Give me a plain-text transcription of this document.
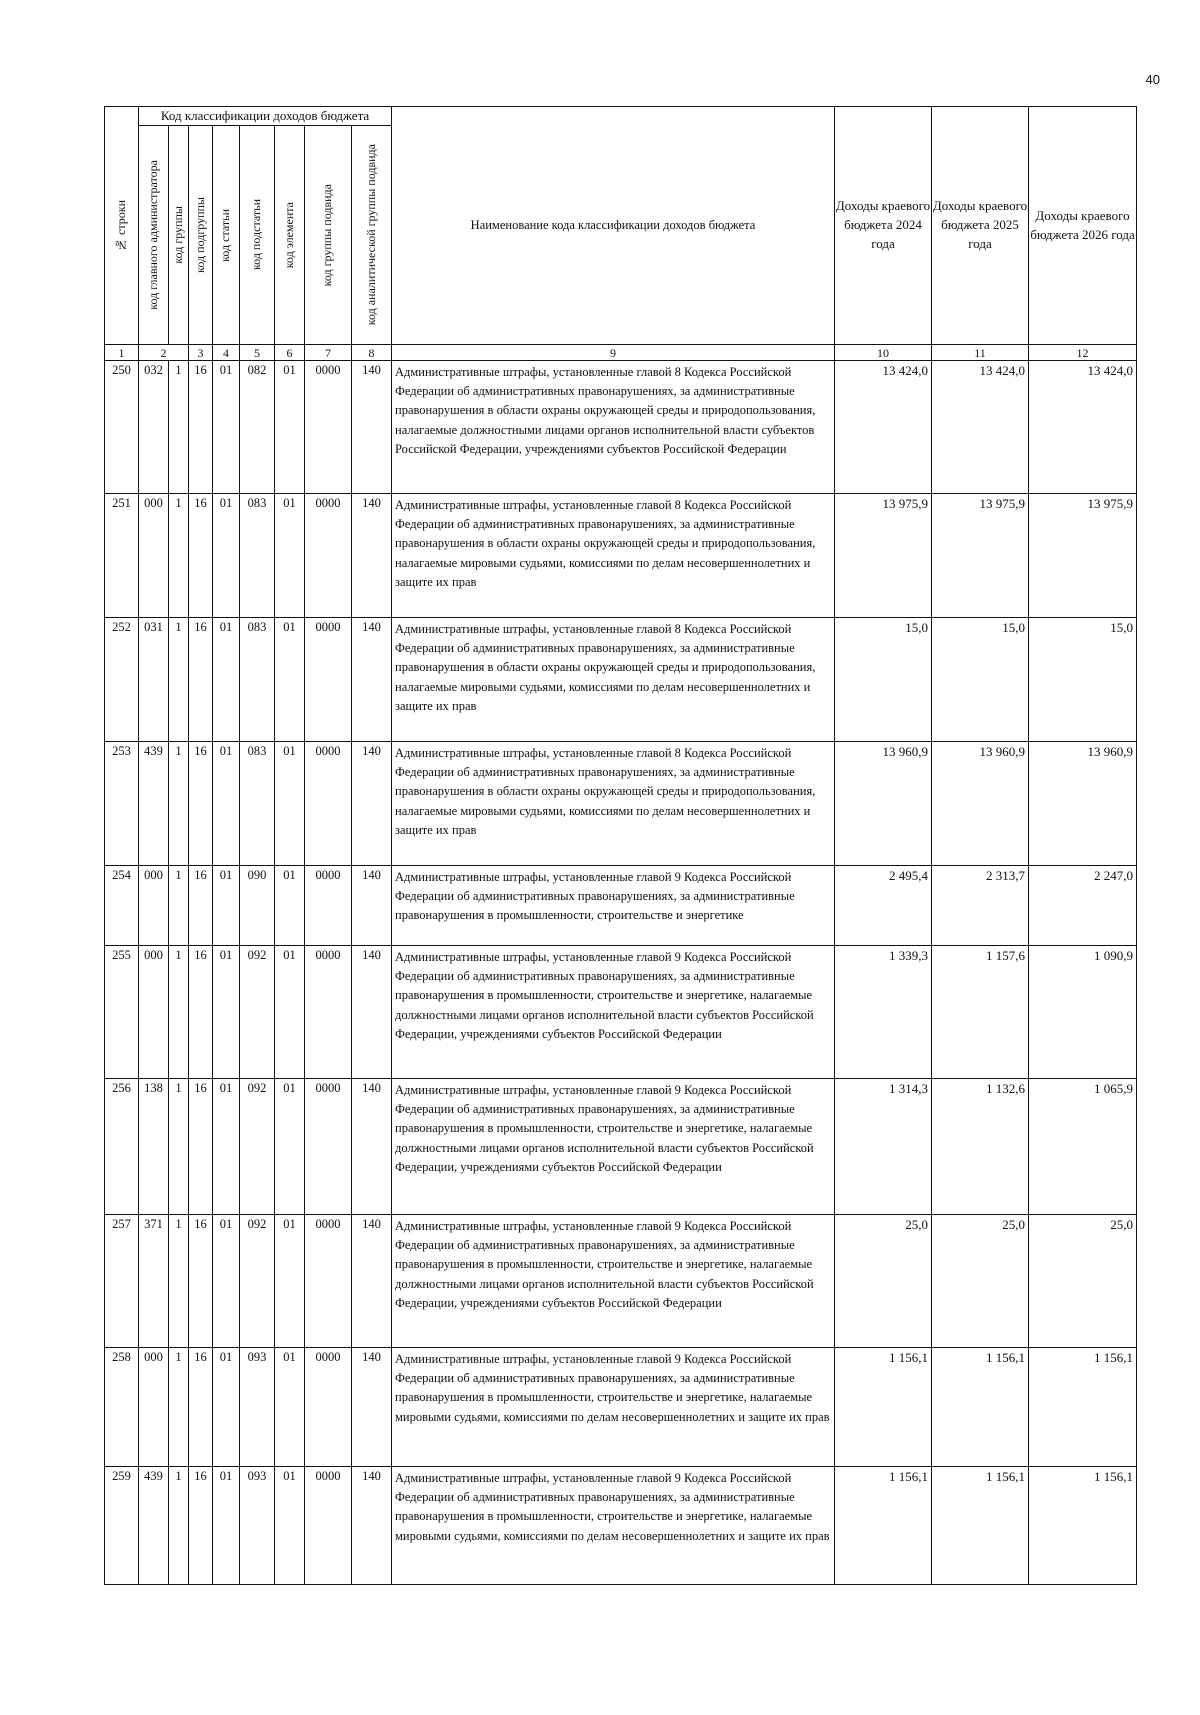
40
№ строки	Код классификации доходов бюджета								Наименование кода классификации доходов бюджета	Доходы краевого бюджета 2024 года	Доходы краевого бюджета 2025 года	Доходы краевого бюджета 2026 года

	код главного администратора	код группы	код подгруппы	код статьи	код подстатьи	код элемента	код группы подвида	код аналитической группы подвида				

1	2		3	4	5	6	7	8	9	10	11	12
250	032	1	16	01	082	01	0000	140	Административные штрафы, установленные главой 8 Кодекса Российской Федерации об административных правонарушениях, за административные правонарушения в области охраны окружающей среды и природопользования, налагаемые должностными лицами органов исполнительной власти субъектов Российской Федерации, учреждениями субъектов Российской Федерации	13 424,0	13 424,0	13 424,0
251	000	1	16	01	083	01	0000	140	Административные штрафы, установленные главой 8 Кодекса Российской Федерации об административных правонарушениях, за административные правонарушения в области охраны окружающей среды и природопользования, налагаемые мировыми судьями, комиссиями по делам несовершеннолетних и защите их прав	13 975,9	13 975,9	13 975,9
252	031	1	16	01	083	01	0000	140	Административные штрафы, установленные главой 8 Кодекса Российской Федерации об административных правонарушениях, за административные правонарушения в области охраны окружающей среды и природопользования, налагаемые мировыми судьями, комиссиями по делам несовершеннолетних и защите их прав	15,0	15,0	15,0
253	439	1	16	01	083	01	0000	140	Административные штрафы, установленные главой 8 Кодекса Российской Федерации об административных правонарушениях, за административные правонарушения в области охраны окружающей среды и природопользования, налагаемые мировыми судьями, комиссиями по делам несовершеннолетних и защите их прав	13 960,9	13 960,9	13 960,9
254	000	1	16	01	090	01	0000	140	Административные штрафы, установленные главой 9 Кодекса Российской Федерации об административных правонарушениях, за административные правонарушения в промышленности, строительстве и энергетике	2 495,4	2 313,7	2 247,0
255	000	1	16	01	092	01	0000	140	Административные штрафы, установленные главой 9 Кодекса Российской Федерации об административных правонарушениях, за административные правонарушения в промышленности, строительстве и энергетике, налагаемые должностными лицами органов исполнительной власти субъектов Российской Федерации, учреждениями субъектов Российской Федерации	1 339,3	1 157,6	1 090,9
256	138	1	16	01	092	01	0000	140	Административные штрафы, установленные главой 9 Кодекса Российской Федерации об административных правонарушениях, за административные правонарушения в промышленности, строительстве и энергетике, налагаемые должностными лицами органов исполнительной власти субъектов Российской Федерации, учреждениями субъектов Российской Федерации	1 314,3	1 132,6	1 065,9
257	371	1	16	01	092	01	0000	140	Административные штрафы, установленные главой 9 Кодекса Российской Федерации об административных правонарушениях, за административные правонарушения в промышленности, строительстве и энергетике, налагаемые должностными лицами органов исполнительной власти субъектов Российской Федерации, учреждениями субъектов Российской Федерации	25,0	25,0	25,0
258	000	1	16	01	093	01	0000	140	Административные штрафы, установленные главой 9 Кодекса Российской Федерации об административных правонарушениях, за административные правонарушения в промышленности, строительстве и энергетике, налагаемые мировыми судьями, комиссиями по делам несовершеннолетних и защите их прав	1 156,1	1 156,1	1 156,1
259	439	1	16	01	093	01	0000	140	Административные штрафы, установленные главой 9 Кодекса Российской Федерации об административных правонарушениях, за административные правонарушения в промышленности, строительстве и энергетике, налагаемые мировыми судьями, комиссиями по делам несовершеннолетних и защите их прав	1 156,1	1 156,1	1 156,1
